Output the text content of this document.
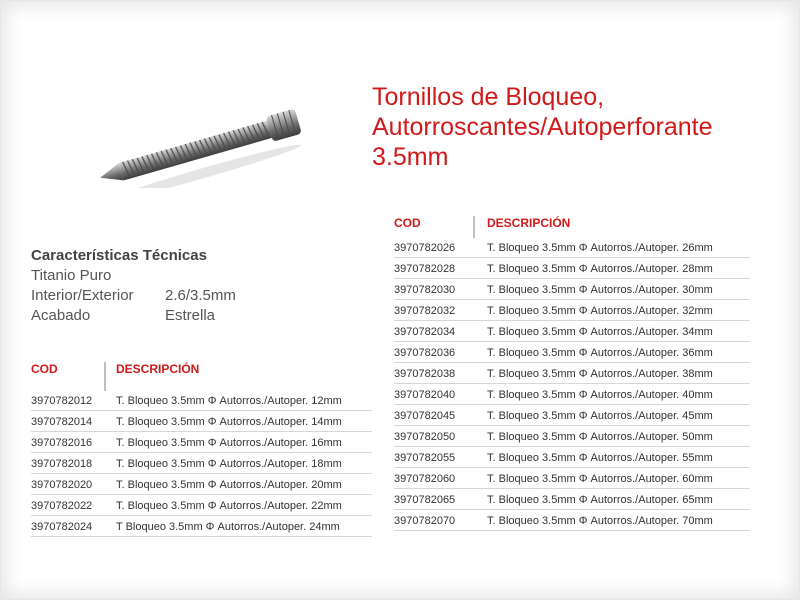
Tornillos de Bloqueo,
Autorroscantes/Autoperforante
3.5mm
Características Técnicas
Titanio Puro
Interior/Exterior 2.6/3.5mm
Acabado	Estrella
COD	DESCRIPCIÓN
3970782012 T. Bloqueo 3.5mm Φ Autorros./Autoper. 12mm
3970782014 T. Bloqueo 3.5mm Φ Autorros./Autoper. 14mm
3970782016 T. Bloqueo 3.5mm Φ Autorros./Autoper. 16mm
3970782018 T. Bloqueo 3.5mm Φ Autorros./Autoper. 18mm
3970782020 T. Bloqueo 3.5mm Φ Autorros./Autoper. 20mm
3970782022 T. Bloqueo 3.5mm Φ Autorros./Autoper. 22mm
3970782024 T Bloqueo 3.5mm Φ Autorros./Autoper. 24mm
COD	DESCRIPCIÓN
3970782026	T. Bloqueo 3.5mm Φ Autorros./Autoper. 26mm
3970782028	T. Bloqueo 3.5mm Φ Autorros./Autoper. 28mm
3970782030	T. Bloqueo 3.5mm Φ Autorros./Autoper. 30mm
3970782032	T. Bloqueo 3.5mm Φ Autorros./Autoper. 32mm
3970782034	T. Bloqueo 3.5mm Φ Autorros./Autoper. 34mm
3970782036	T. Bloqueo 3.5mm Φ Autorros./Autoper. 36mm
3970782038	T. Bloqueo 3.5mm Φ Autorros./Autoper. 38mm
3970782040	T. Bloqueo 3.5mm Φ Autorros./Autoper. 40mm
3970782045	T. Bloqueo 3.5mm Φ Autorros./Autoper. 45mm
3970782050	T. Bloqueo 3.5mm Φ Autorros./Autoper. 50mm
3970782055	T. Bloqueo 3.5mm Φ Autorros./Autoper. 55mm
3970782060	T. Bloqueo 3.5mm Φ Autorros./Autoper. 60mm
3970782065	T. Bloqueo 3.5mm Φ Autorros./Autoper. 65mm
3970782070	T. Bloqueo 3.5mm Φ Autorros./Autoper. 70mm
